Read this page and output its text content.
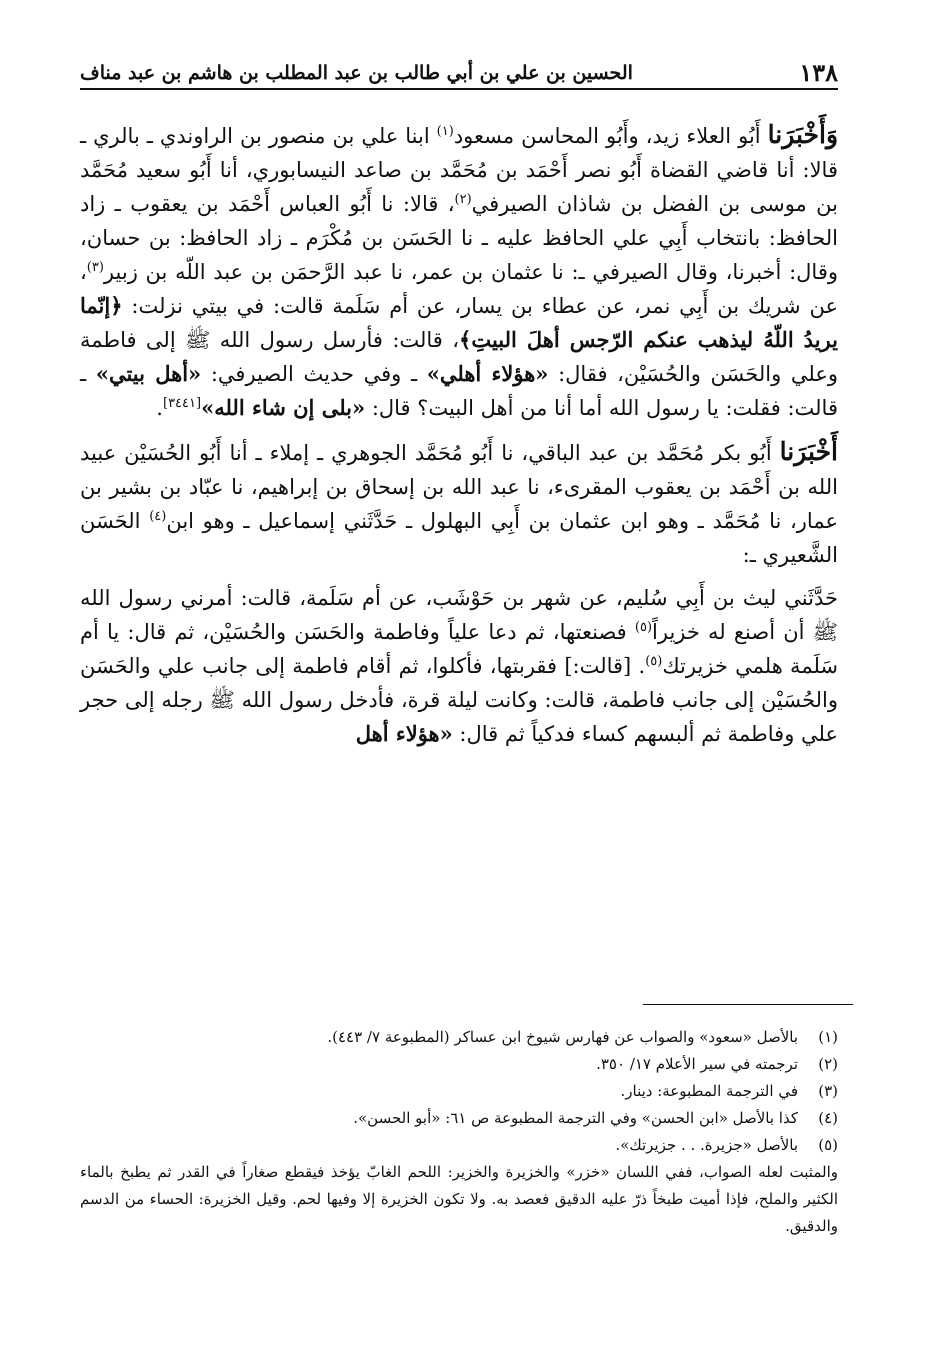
١٣٨
الحسين بن علي بن أبي طالب بن عبد المطلب بن هاشم بن عبد مناف

وَأَخْبَرَنا أَبُو العلاء زيد، وأَبُو المحاسن مسعود$^{(١)}$ ابنا علي بن منصور بن الراوندي ـ بالري ـ قالا: أنا قاضي القضاة أَبُو نصر أَحْمَد بن مُحَمَّد بن صاعد النيسابوري، أنا أَبُو سعيد مُحَمَّد بن موسى بن الفضل بن شاذان الصيرفي$^{(٢)}$، قالا: نا أَبُو العباس أَحْمَد بن يعقوب ـ زاد الحافظ: بانتخاب أَبِي علي الحافظ عليه ـ نا الحَسَن بن مُكْرَم ـ زاد الحافظ: بن حسان، وقال: أخبرنا، وقال الصيرفي ـ: نا عثمان بن عمر، نا عبد الرَّحمَن بن عبد اللّه بن زبير$^{(٣)}$، عن شريك بن أَبِي نمر، عن عطاء بن يسار، عن أم سَلَمة قالت: في بيتي نزلت: ﴿إنّما يريدُ اللّهُ ليذهب عنكم الرّجس أهلَ البيتِ﴾، قالت: فأرسل رسول الله ﷺ إلى فاطمة وعلي والحَسَن والحُسَيْن، فقال: «هؤلاء أهلي» ـ وفي حديث الصيرفي: «أهل بيتي» ـ قالت: فقلت: يا رسول الله أما أنا من أهل البيت؟ قال: «بلى إن شاء الله»[٣٤٤١].

أَخْبَرَنا أَبُو بكر مُحَمَّد بن عبد الباقي، نا أَبُو مُحَمَّد الجوهري ـ إملاء ـ أنا أَبُو الحُسَيْن عبيد الله بن أَحْمَد بن يعقوب المقرىء، نا عبد الله بن إسحاق بن إبراهيم، نا عبّاد بن بشير بن عمار، نا مُحَمَّد ـ وهو ابن عثمان بن أَبِي البهلول ـ حَدَّثَني إسماعيل ـ وهو ابن$^{(٤)}$ الحَسَن الشَّعيري ـ:

حَدَّثَني ليث بن أَبِي سُليم، عن شهر بن حَوْشَب، عن أم سَلَمة، قالت: أمرني رسول الله ﷺ أن أصنع له خزيراً$^{(٥)}$ فصنعتها، ثم دعا علياً وفاطمة والحَسَن والحُسَيْن، ثم قال: يا أم سَلَمة هلمي خزيرتك$^{(٥)}$. [قالت:] فقربتها، فأكلوا، ثم أقام فاطمة إلى جانب علي والحَسَن والحُسَيْن إلى جانب فاطمة، قالت: وكانت ليلة قرة، فأدخل رسول الله ﷺ رجله إلى حجر علي وفاطمة ثم ألبسهم كساء فدكياً ثم قال: «هؤلاء أهل

(١)
بالأصل «سعود» والصواب عن فهارس شيوخ ابن عساكر (المطبوعة ٧/ ٤٤٣).
(٢)
ترجمته في سير الأعلام ١٧/ ٣٥٠.
(٣)
في الترجمة المطبوعة: دينار.
(٤)
كذا بالأصل «ابن الحسن» وفي الترجمة المطبوعة ص ٦١: «أبو الحسن».
(٥)
بالأصل «جزيرة. . . جزيرتك».
والمثبت لعله الصواب، ففي اللسان «خزر» والخزيرة والخزير: اللحم الغابّ يؤخذ فيقطع صغاراً في القدر ثم يطبخ بالماء الكثير والملح، فإذا أميت طبخاً ذرّ عليه الدقيق فعصد به. ولا تكون الخزيرة إلا وفيها لحم. وقيل الخزيرة: الحساء من الدسم والدقيق.
